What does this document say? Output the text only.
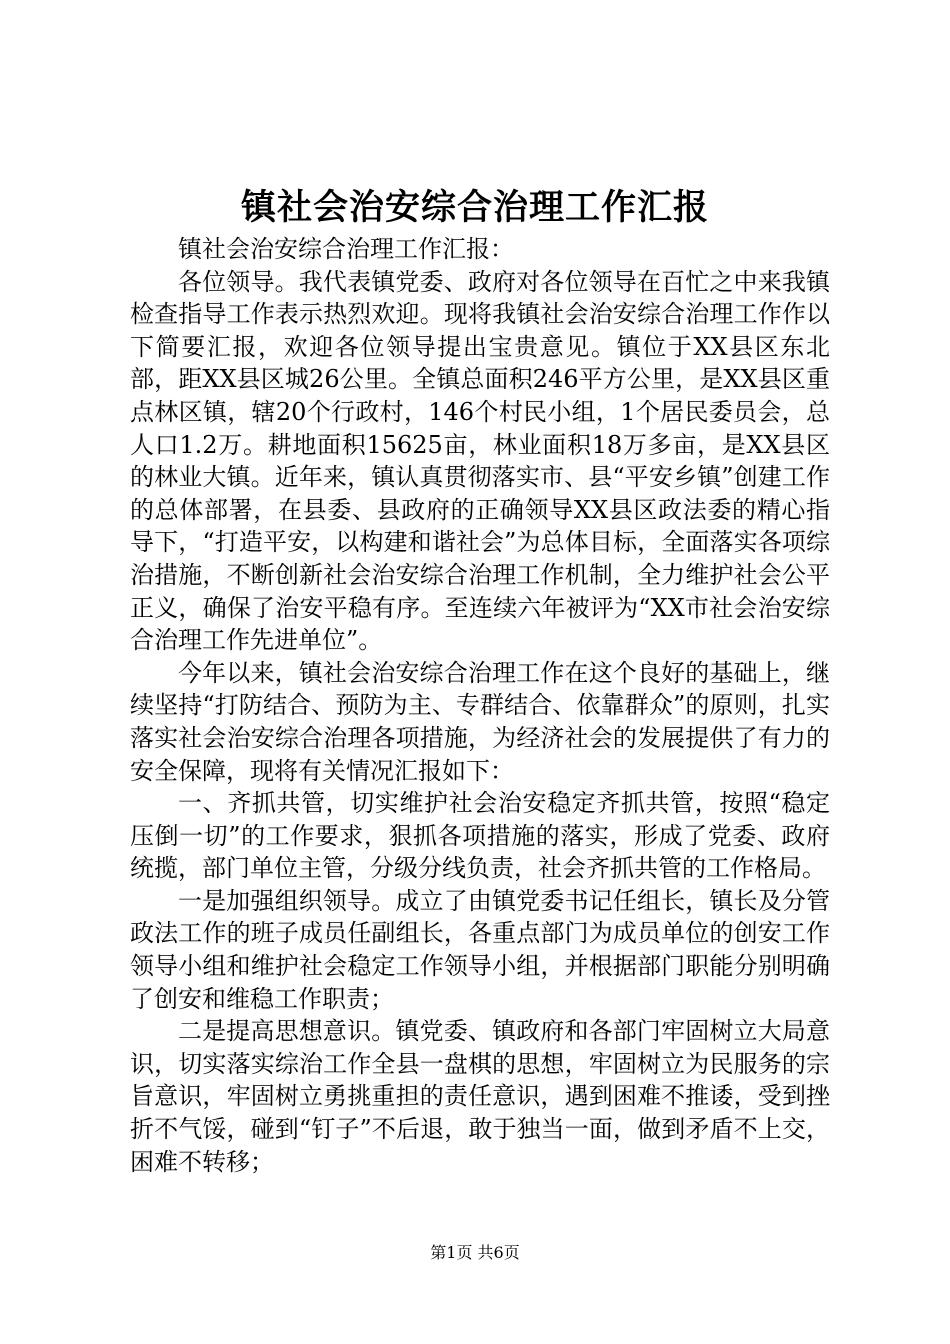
镇社会治安综合治理工作汇报

镇社会治安综合治理工作汇报：

各位领导。我代表镇党委、政府对各位领导在百忙之中来我镇检查指导工作表示热烈欢迎。现将我镇社会治安综合治理工作作以下简要汇报，欢迎各位领导提出宝贵意见。镇位于XX县区东北部，距XX县区城26公里。全镇总面积246平方公里，是XX县区重点林区镇，辖20个行政村，146个村民小组，1个居民委员会，总人口1.2万。耕地面积15625亩，林业面积18万多亩，是XX县区的林业大镇。近年来，镇认真贯彻落实市、县“平安乡镇”创建工作的总体部署，在县委、县政府的正确领导XX县区政法委的精心指导下，“打造平安，以构建和谐社会”为总体目标，全面落实各项综治措施，不断创新社会治安综合治理工作机制，全力维护社会公平正义，确保了治安平稳有序。至连续六年被评为“XX市社会治安综合治理工作先进单位”。

今年以来，镇社会治安综合治理工作在这个良好的基础上，继续坚持“打防结合、预防为主、专群结合、依靠群众”的原则，扎实落实社会治安综合治理各项措施，为经济社会的发展提供了有力的安全保障，现将有关情况汇报如下：

一、齐抓共管，切实维护社会治安稳定齐抓共管，按照“稳定压倒一切”的工作要求，狠抓各项措施的落实，形成了党委、政府统揽，部门单位主管，分级分线负责，社会齐抓共管的工作格局。

一是加强组织领导。成立了由镇党委书记任组长，镇长及分管政法工作的班子成员任副组长，各重点部门为成员单位的创安工作领导小组和维护社会稳定工作领导小组，并根据部门职能分别明确了创安和维稳工作职责；

二是提高思想意识。镇党委、镇政府和各部门牢固树立大局意识，切实落实综治工作全县一盘棋的思想，牢固树立为民服务的宗旨意识，牢固树立勇挑重担的责任意识，遇到困难不推诿，受到挫折不气馁，碰到“钉子”不后退，敢于独当一面，做到矛盾不上交，困难不转移；

第1页 共6页
